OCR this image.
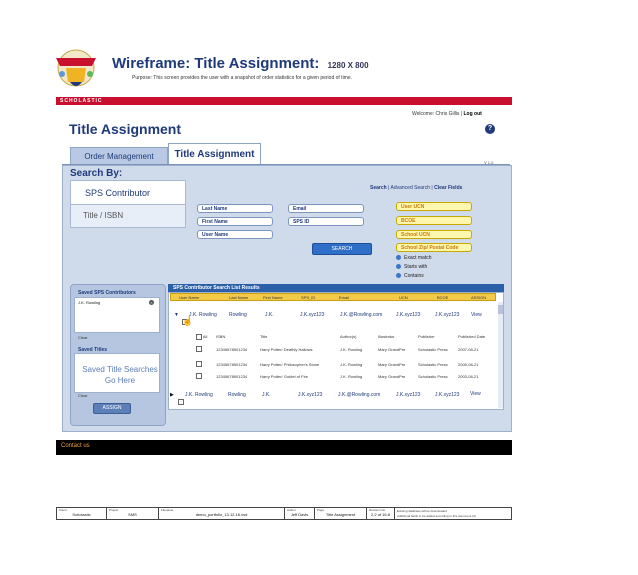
Wireframe: Title Assignment: 1280 X 800
Purpose: This screen provides the user with a snapshot of order statistics for a given period of time.
SCHOLASTIC
Welcome: Chris Gillis | Log out
Title Assignment	?
Order Management	Title Assignment
V 1.0
Search By:
SPS Contributor
Title / ISBN
Search | Advanced Search | Clear Fields
Last Name
First Name
User Name
Email
SPS ID
User UCN
BCOE
School UCN
School Zip/ Postal Code
SEARCH
Exact match
Starts with
Contains
Saved SPS Contributors
J.K. Rowling	×
Clear
Saved Titles
Saved Title Searches Go Here
Clear
ASSIGN
SPS Contributor Search List Results
User Name	Last Name	First Name	SPS_ID	Email	UCN	BCOE	ASSIGN
▼ J.K. Rowling Rowling	J.K.	J.K.xyz123	J.K.@Rowling.com	J.K.xyz123	J.K.xyz123 View
☝
All ISBN	Title	Author(s)	Illustrator	Publisher	Published Date
12345678901234	Harry Potter/ Deathly Hallows	J.K. Rowling	Mary GrandPre	Scholastic Press	2007-08-21
12345678901234	Harry Potter/ Philosopher's Stone	J.K. Rowling	Mary GrandPre	Scholastic Press	2005-08-21
12345678901234	Harry Potter/ Goblet of Fire	J.K. Rowling	Mary GrandPre	Scholastic Press	2003-08-21
▶ J.K. Rowling	Rowling	J.K.	J.K.xyz123	J.K.@Rowling.com	J.K.xyz123	J.K.xyz123 View
Contact us
Client
Scholastic
Project
SMS
Filename
demo_portfolio_13.12.16.vsd
Author
Jeff Davis
Page
Title Assignment
Revision No
2.2 of 16.8
Existing database will be downloaded
Additional fields to be added according to this document (6)
